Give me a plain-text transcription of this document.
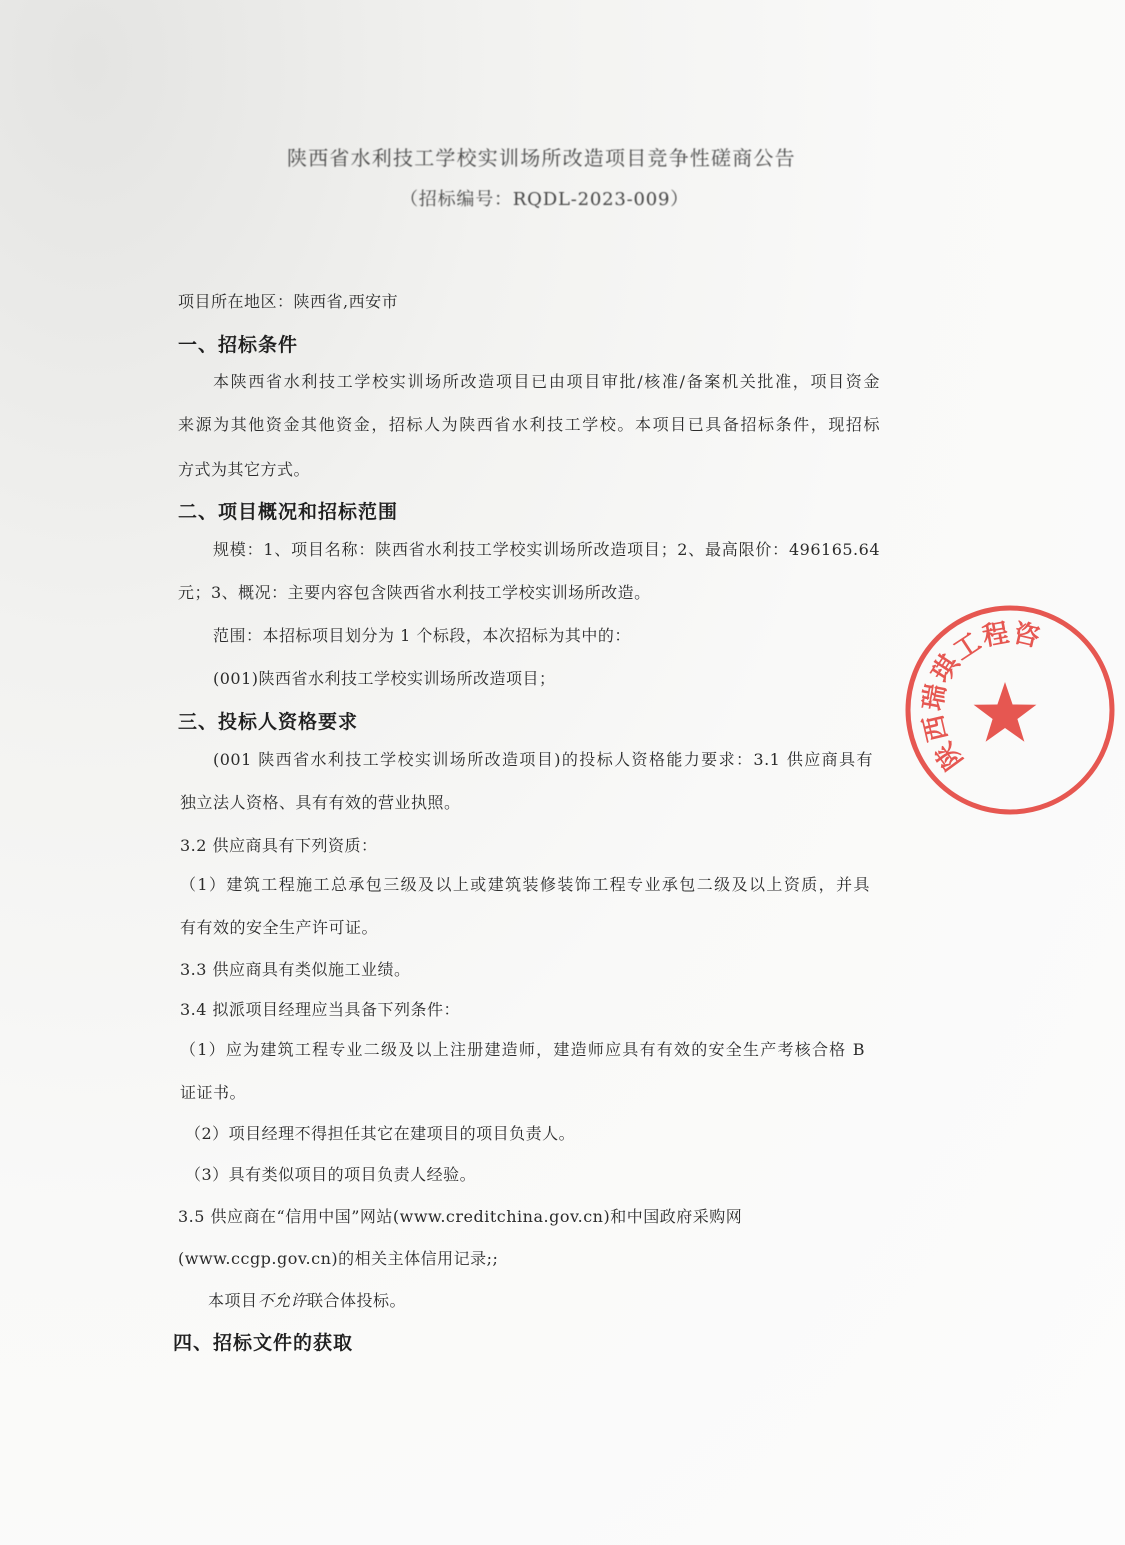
陕西省水利技工学校实训场所改造项目竞争性磋商公告
（招标编号：RQDL-2023-009）
项目所在地区：陕西省,西安市
一、招标条件
本陕西省水利技工学校实训场所改造项目已由项目审批/核准/备案机关批准，项目资金
来源为其他资金其他资金，招标人为陕西省水利技工学校。本项目已具备招标条件，现招标
方式为其它方式。
二、项目概况和招标范围
规模：1、项目名称：陕西省水利技工学校实训场所改造项目；2、最高限价：496165.64
元；3、概况：主要内容包含陕西省水利技工学校实训场所改造。
范围：本招标项目划分为 1 个标段，本次招标为其中的：
(001)陕西省水利技工学校实训场所改造项目；
三、投标人资格要求
(001 陕西省水利技工学校实训场所改造项目)的投标人资格能力要求：3.1 供应商具有
独立法人资格、具有有效的营业执照。
3.2 供应商具有下列资质：
（1）建筑工程施工总承包三级及以上或建筑装修装饰工程专业承包二级及以上资质，并具
有有效的安全生产许可证。
3.3 供应商具有类似施工业绩。
3.4 拟派项目经理应当具备下列条件：
（1）应为建筑工程专业二级及以上注册建造师，建造师应具有有效的安全生产考核合格 B
证证书。
（2）项目经理不得担任其它在建项目的项目负责人。
（3）具有类似项目的项目负责人经验。
3.5 供应商在“信用中国”网站(www.creditchina.gov.cn)和中国政府采购网
(www.ccgp.gov.cn)的相关主体信用记录;;
本项目不允许联合体投标。
四、招标文件的获取
陕西瑞琪工程咨
